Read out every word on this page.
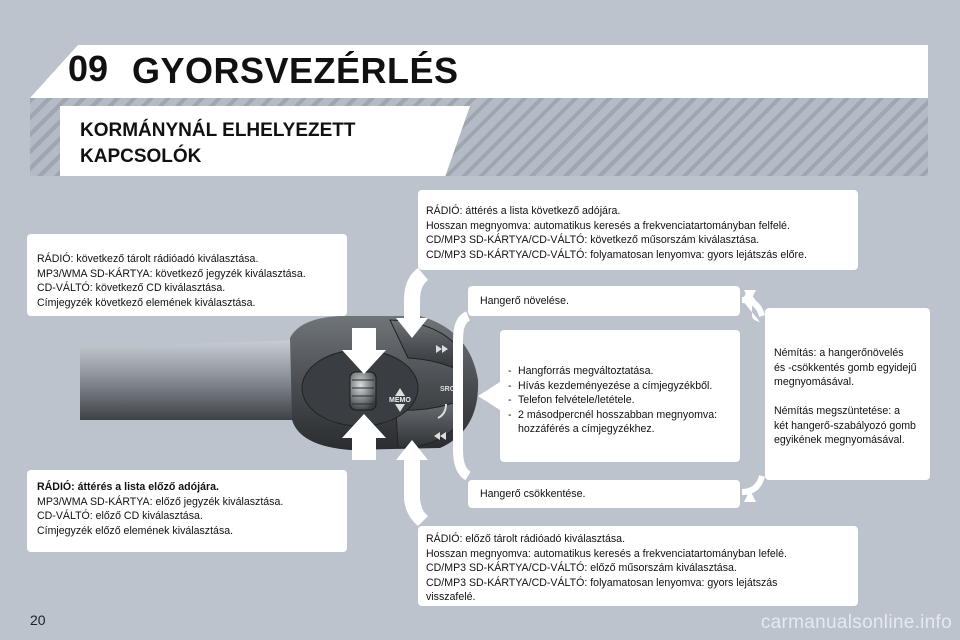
09 GYORSVEZÉRLÉS
KORMÁNYNÁL ELHELYEZETT
KAPCSOLÓK
MEMO
SRC
RÁDIÓ: következő tárolt rádióadó kiválasztása.
MP3/WMA SD-KÁRTYA: következő jegyzék kiválasztása.
CD-VÁLTÓ: következő CD kiválasztása.
Címjegyzék következő elemének kiválasztása.
RÁDIÓ: áttérés a lista előző adójára.
MP3/WMA SD-KÁRTYA: előző jegyzék kiválasztása.
CD-VÁLTÓ: előző CD kiválasztása.
Címjegyzék előző elemének kiválasztása.
RÁDIÓ: áttérés a lista következő adójára.
Hosszan megnyomva: automatikus keresés a frekvenciatartományban felfelé.
CD/MP3 SD-KÁRTYA/CD-VÁLTÓ: következő műsorszám kiválasztása.
CD/MP3 SD-KÁRTYA/CD-VÁLTÓ: folyamatosan lenyomva: gyors lejátszás előre.
RÁDIÓ: előző tárolt rádióadó kiválasztása.
Hosszan megnyomva: automatikus keresés a frekvenciatartományban lefelé.
CD/MP3 SD-KÁRTYA/CD-VÁLTÓ: előző műsorszám kiválasztása.
CD/MP3 SD-KÁRTYA/CD-VÁLTÓ: folyamatosan lenyomva: gyors lejátszás
visszafelé.
Hangerő növelése.
Hangerő csökkentése.
- Hangforrás megváltoztatása.
- Hívás kezdeményezése a címjegyzékből.
- Telefon felvétele/letétele.
- 2 másodpercnél hosszabban megnyomva:
hozzáférés a címjegyzékhez.
Némítás: a hangerőnövelés
és -csökkentés gomb egyidejű
megnyomásával.
Némítás megszüntetése: a
két hangerő-szabályozó gomb
egyikének megnyomásával.
20	carmanualsonline.info
